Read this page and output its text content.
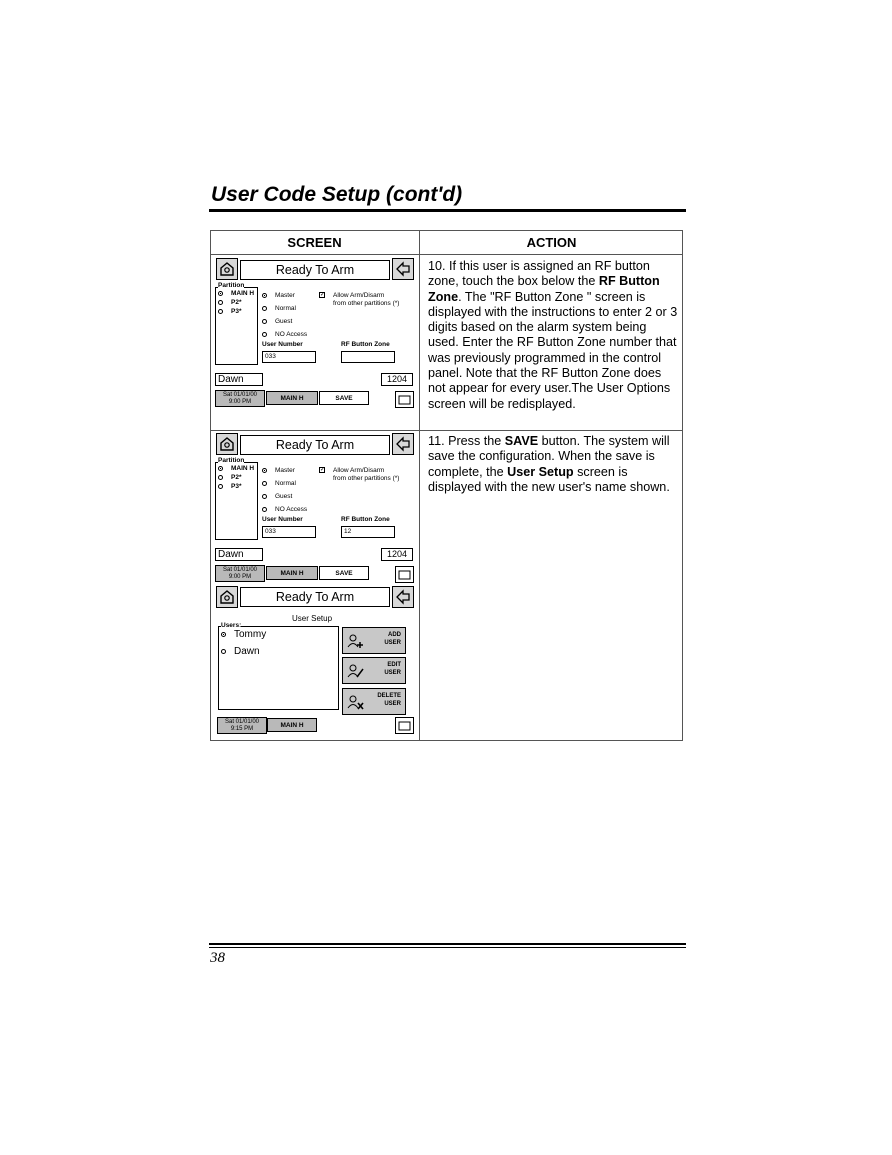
User Code Setup (cont'd)
SCREEN	ACTION
10. If this user is assigned an RF button zone, touch the box below the RF Button Zone. The "RF Button Zone " screen is displayed with the instructions to enter 2 or 3 digits based on the alarm system being used. Enter the RF Button Zone number that was previously programmed in the control panel. Note that the RF Button Zone does not appear for every user.The User Options screen will be redisplayed.
11. Press the SAVE button. The system will save the configuration. When the save is complete, the User Setup screen is displayed with the new user's name shown.
Ready To Arm
Partition
MAIN H
P2*
P3*
Master
Normal
Guest
NO Access
✓ Allow Arm/Disarm
from other partitions (*)
User Number
033
RF Button Zone
Dawn	1204
Sat 01/01/00
9:00 PM
MAIN H	SAVE
Ready To Arm
Partition
MAIN H
P2*
P3*
Master
Normal
Guest
NO Access
✓ Allow Arm/Disarm
from other partitions (*)
User Number
033
RF Button Zone
12
Dawn	1204
Sat 01/01/00
9:00 PM
MAIN H	SAVE
Ready To Arm
User Setup
Users:
Tommy
Dawn
ADD
USER
EDIT
USER
DELETE
USER
Sat 01/01/00
9:15 PM
MAIN H
38
